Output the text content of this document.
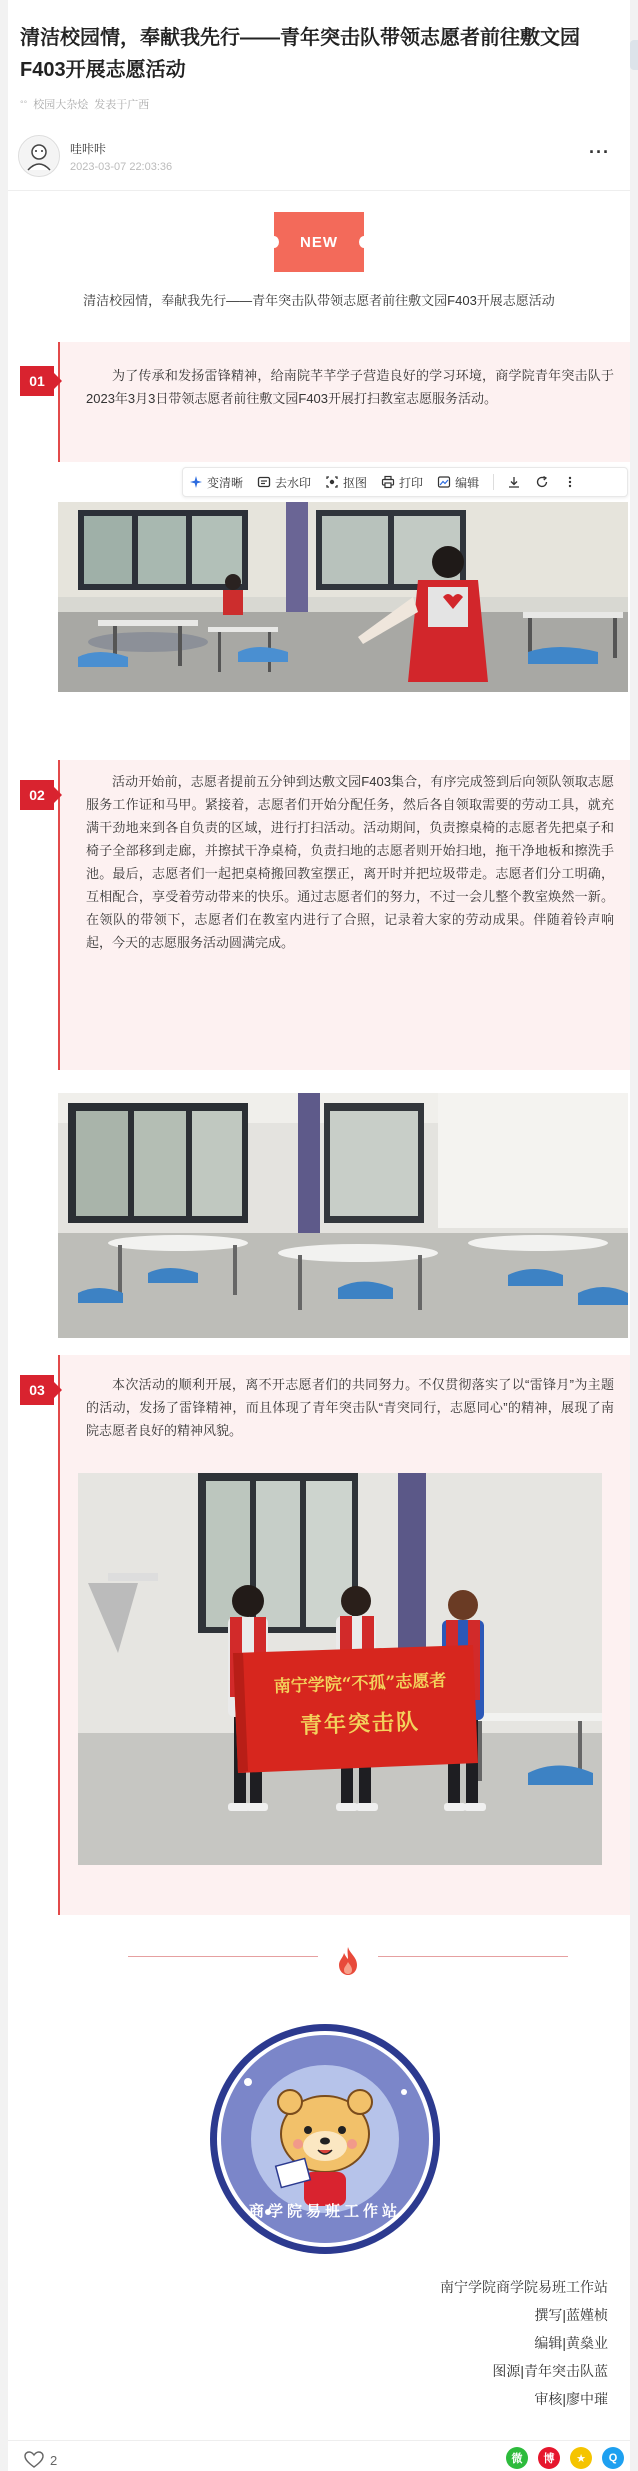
清洁校园情，奉献我先行——青年突击队带领志愿者前往敷文园F403开展志愿活动
°° 校园大杂烩 发表于广西
哇咔咔
2023-03-07 22:03:36
···
NEW
清洁校园情，奉献我先行——青年突击队带领志愿者前往敷文园F403开展志愿活动
01	为了传承和发扬雷锋精神，给南院芊芊学子营造良好的学习环境，商学院青年突击队于2023年3月3日带领志愿者前往敷文园F403开展打扫教室志愿服务活动。
变清晰	去水印	抠图	打印	编辑
02
活动开始前，志愿者提前五分钟到达敷文园F403集合，有序完成签到后向领队领取志愿服务工作证和马甲。紧接着，志愿者们开始分配任务，然后各自领取需要的劳动工具，就充满干劲地来到各自负责的区域，进行打扫活动。活动期间，负责擦桌椅的志愿者先把桌子和椅子全部移到走廊，并擦拭干净桌椅，负责扫地的志愿者则开始扫地，拖干净地板和擦洗手池。最后，志愿者们一起把桌椅搬回教室摆正，离开时并把垃圾带走。志愿者们分工明确，互相配合，享受着劳动带来的快乐。通过志愿者们的努力，不过一会儿整个教室焕然一新。在领队的带领下，志愿者们在教室内进行了合照，记录着大家的劳动成果。伴随着铃声响起，今天的志愿服务活动圆满完成。
03	本次活动的顺利开展，离不开志愿者们的共同努力。不仅贯彻落实了以“雷锋月”为主题的活动，发扬了雷锋精神，而且体现了青年突击队“青突同行，志愿同心”的精神，展现了南院志愿者良好的精神风貌。
南宁学院“不孤”志愿者
青年突击队
商学院易班工作站
南宁学院商学院易班工作站
撰写|蓝嫤桢
编辑|黄燊业
图源|青年突击队蓝
审核|廖中璀
2	微	博	★	Q
